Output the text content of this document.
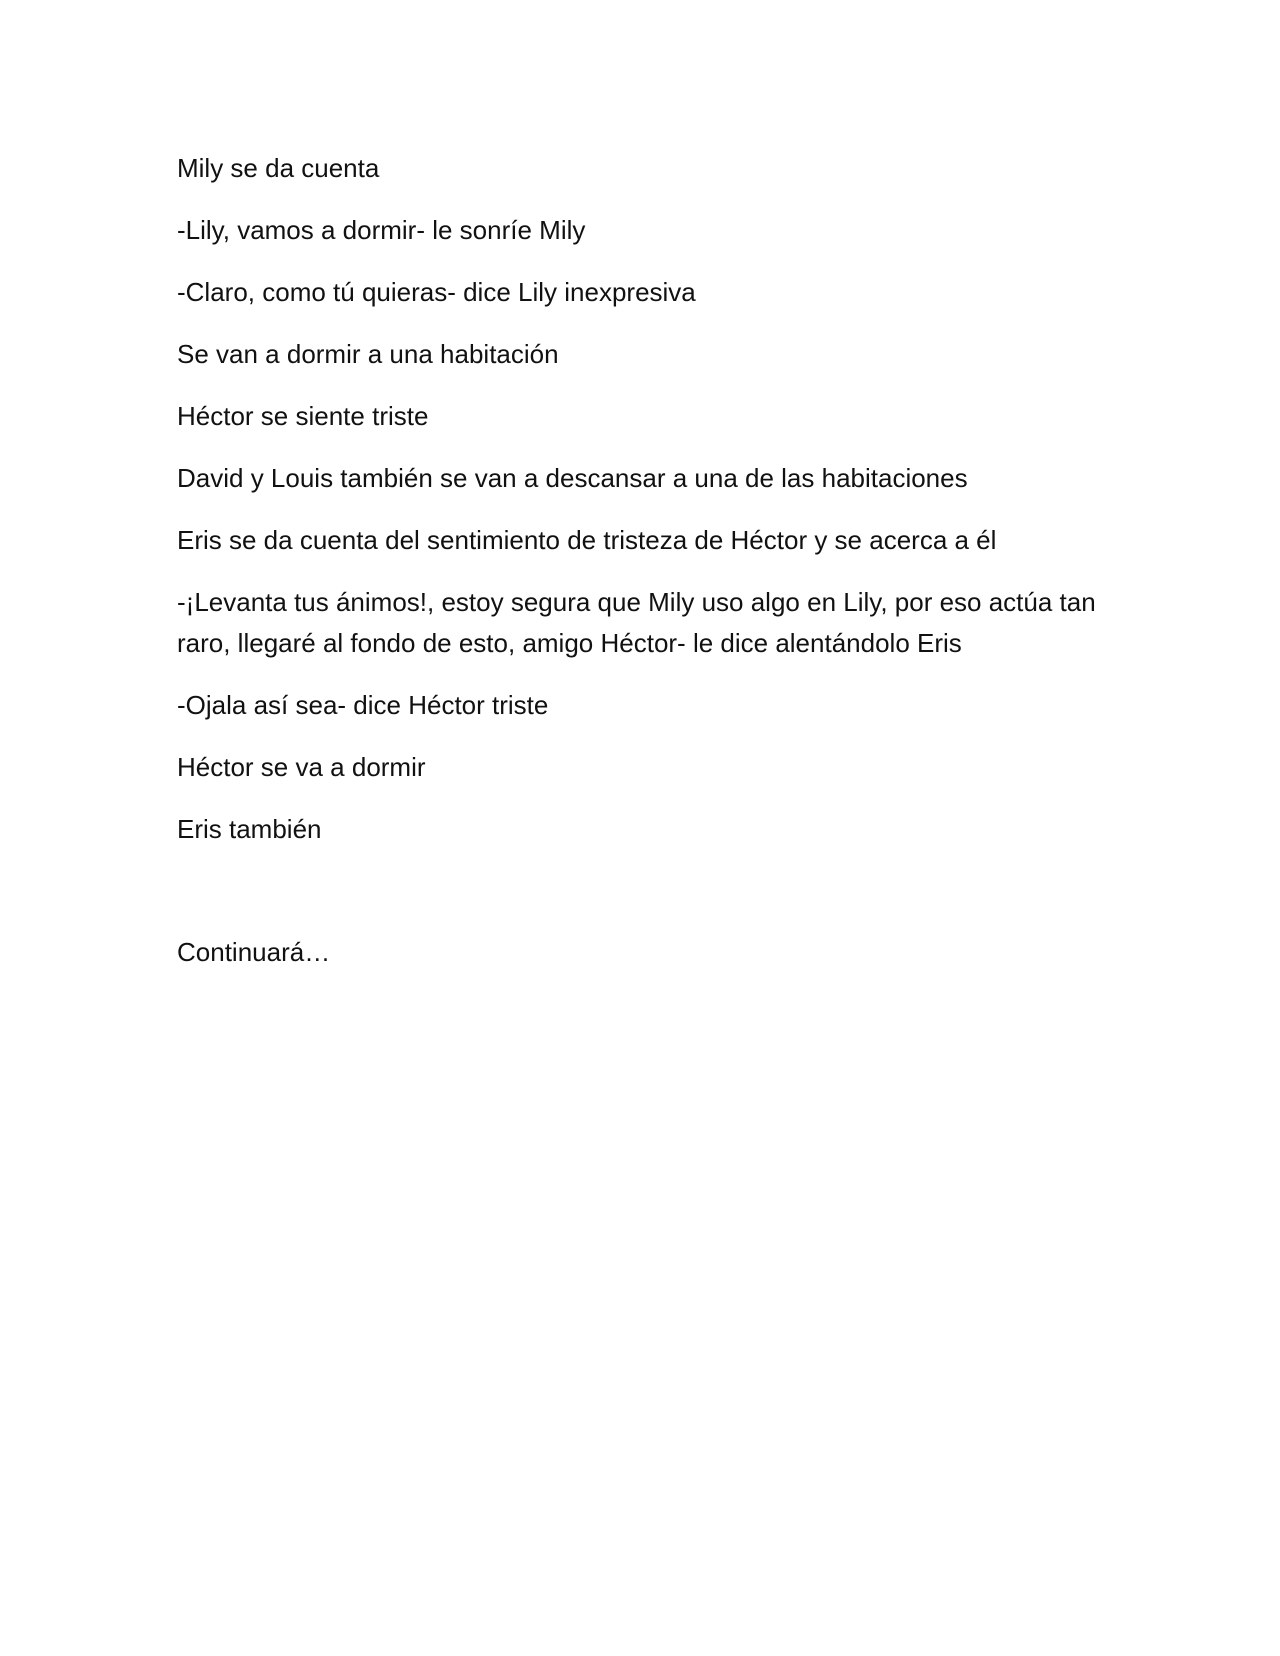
Mily se da cuenta

-Lily, vamos a dormir- le sonríe Mily

-Claro, como tú quieras- dice Lily inexpresiva

Se van a dormir a una habitación

Héctor se siente triste

David y Louis también se van a descansar a una de las habitaciones

Eris se da cuenta del sentimiento de tristeza de Héctor y se acerca a él

-¡Levanta tus ánimos!, estoy segura que Mily uso algo en Lily, por eso actúa tan raro, llegaré al fondo de esto, amigo Héctor- le dice alentándolo Eris

-Ojala así sea- dice Héctor triste

Héctor se va a dormir

Eris también

Continuará…
